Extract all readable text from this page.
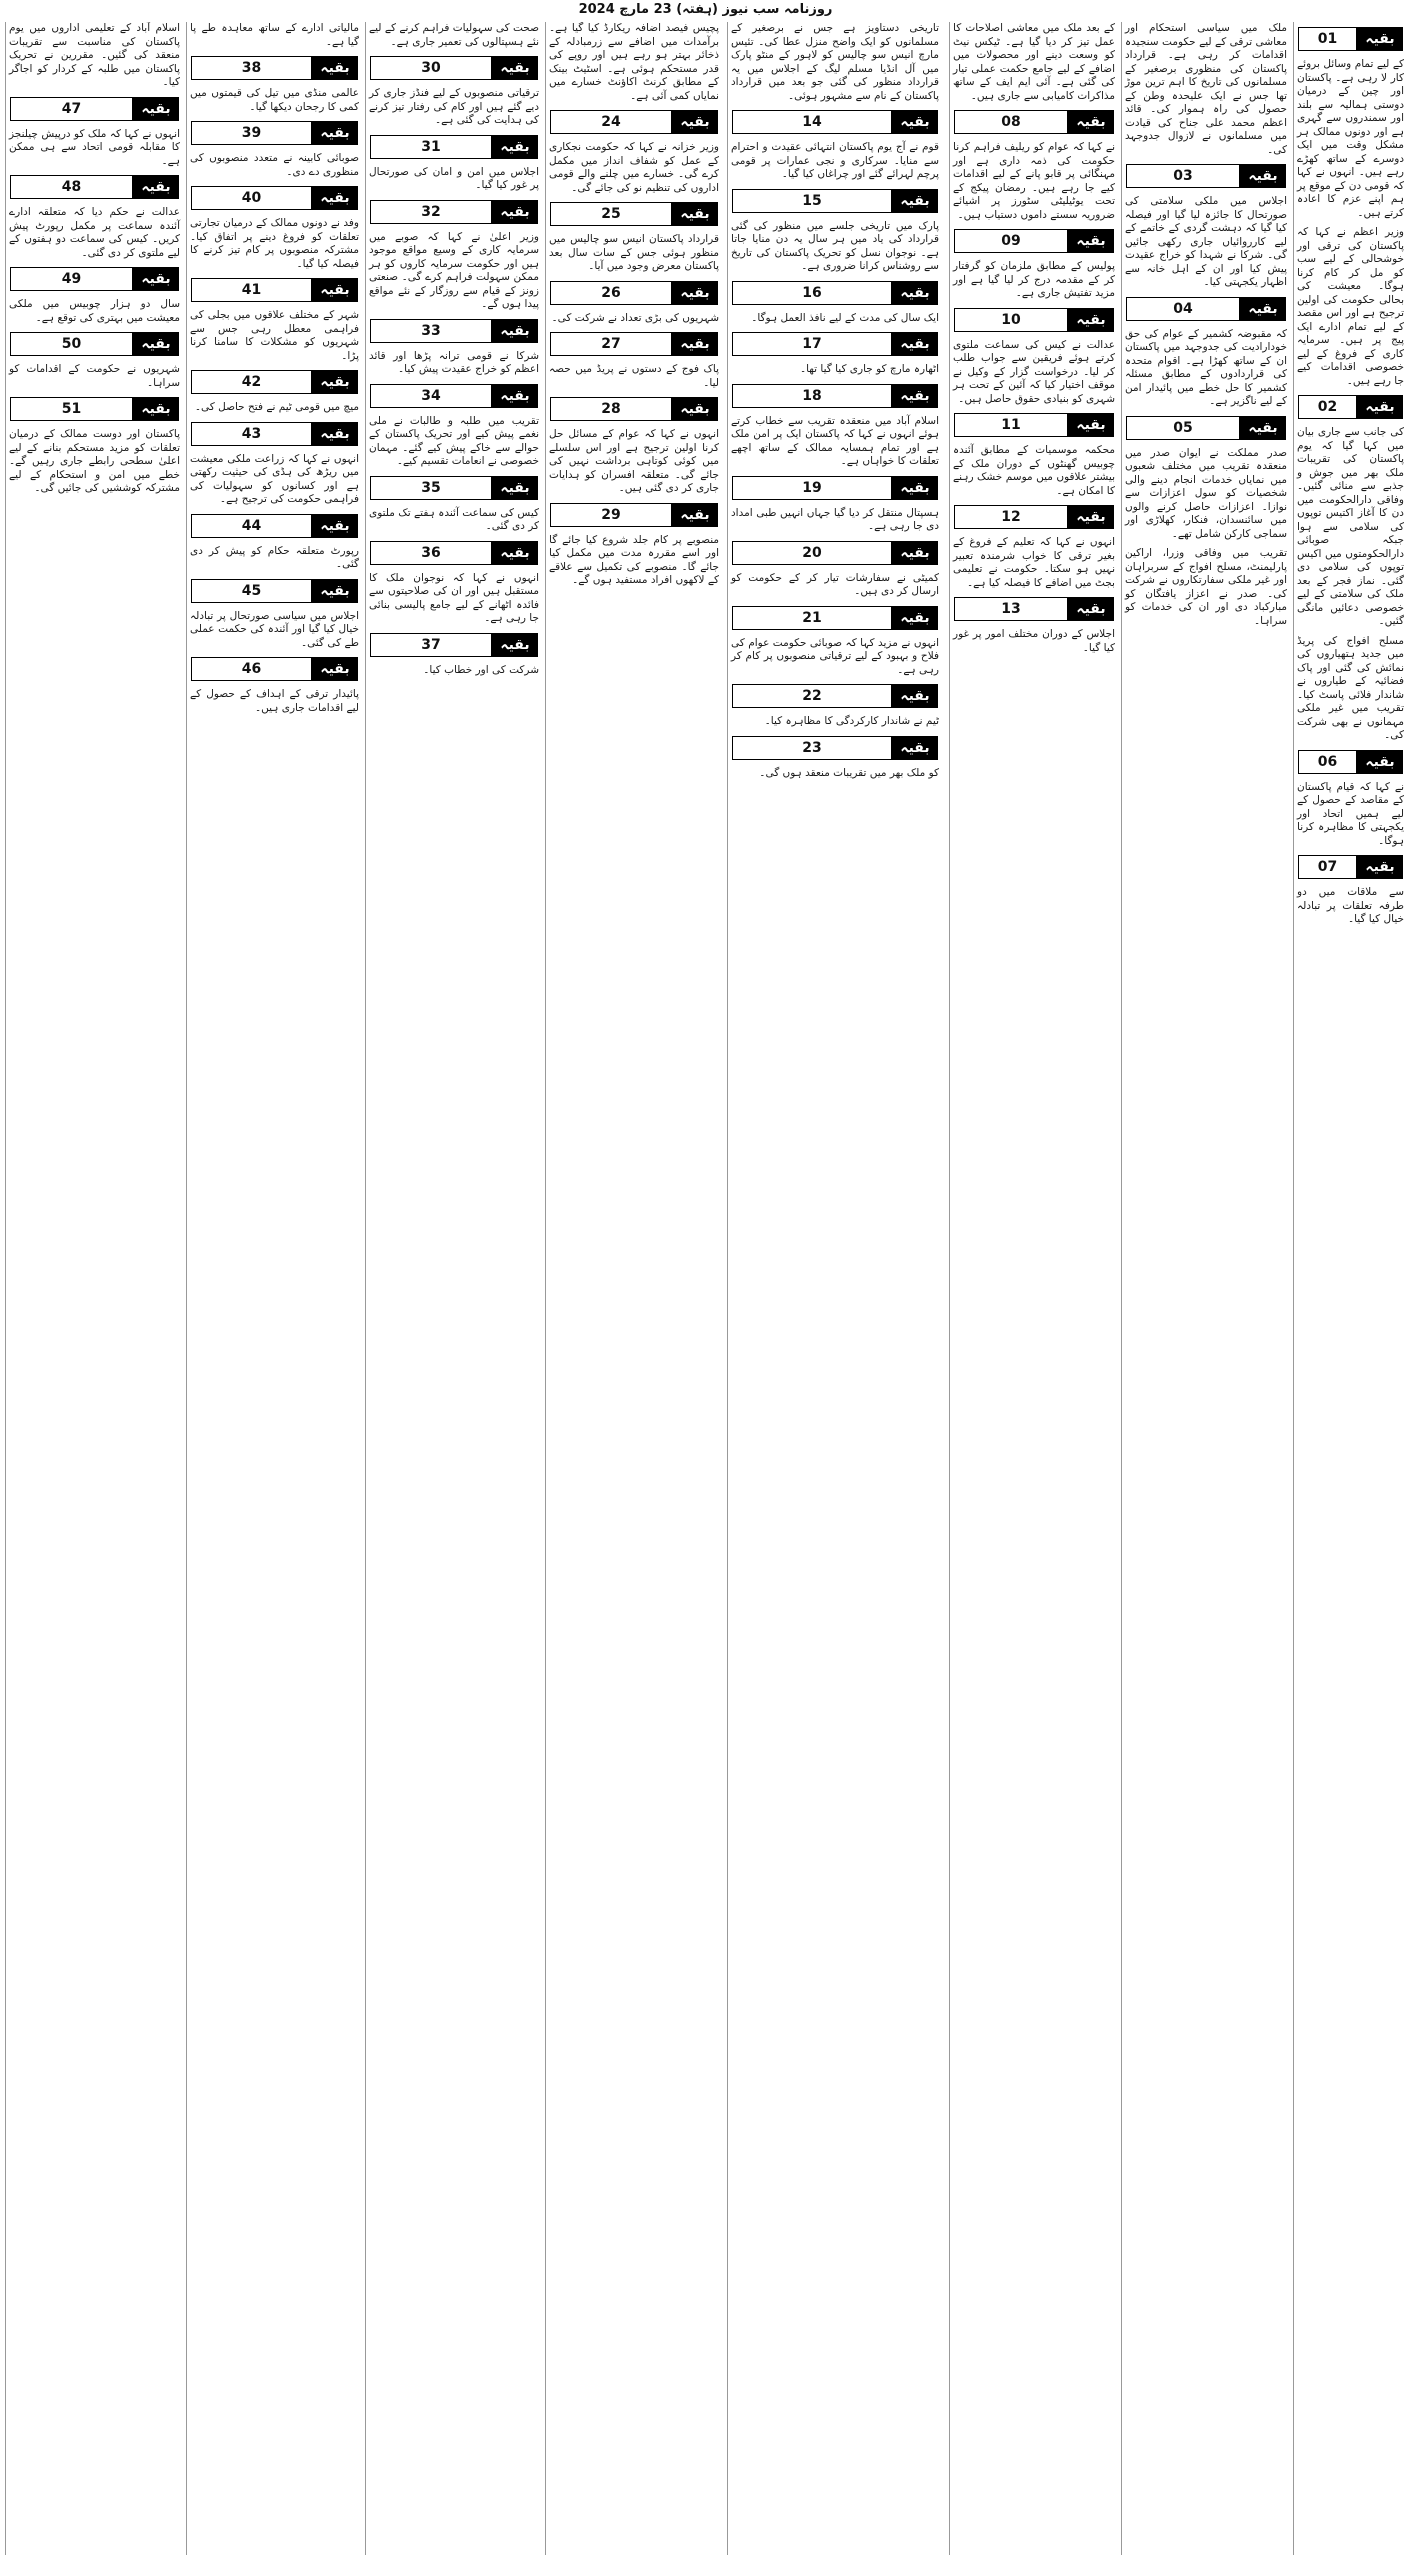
روزنامہ سب نیوز (ہفتہ) 23 مارچ 2024
01	بقیہ

کے لیے تمام وسائل بروئے کار لا رہی ہے۔ پاکستان اور چین کے درمیان دوستی ہمالیہ سے بلند اور سمندروں سے گہری ہے اور دونوں ممالک ہر مشکل وقت میں ایک دوسرے کے ساتھ کھڑے رہے ہیں۔ انہوں نے کہا کہ قومی دن کے موقع پر ہم اپنے عزم کا اعادہ کرتے ہیں۔

وزیر اعظم نے کہا کہ پاکستان کی ترقی اور خوشحالی کے لیے سب کو مل کر کام کرنا ہوگا۔ معیشت کی بحالی حکومت کی اولین ترجیح ہے اور اس مقصد کے لیے تمام ادارے ایک پیج پر ہیں۔ سرمایہ کاری کے فروغ کے لیے خصوصی اقدامات کیے جا رہے ہیں۔

02	بقیہ

کی جانب سے جاری بیان میں کہا گیا کہ یوم پاکستان کی تقریبات ملک بھر میں جوش و جذبے سے منائی گئیں۔ وفاقی دارالحکومت میں دن کا آغاز اکتیس توپوں کی سلامی سے ہوا جبکہ صوبائی دارالحکومتوں میں اکیس توپوں کی سلامی دی گئی۔ نماز فجر کے بعد ملک کی سلامتی کے لیے خصوصی دعائیں مانگی گئیں۔

مسلح افواج کی پریڈ میں جدید ہتھیاروں کی نمائش کی گئی اور پاک فضائیہ کے طیاروں نے شاندار فلائی پاسٹ کیا۔ تقریب میں غیر ملکی مہمانوں نے بھی شرکت کی۔

06	بقیہ

نے کہا کہ قیام پاکستان کے مقاصد کے حصول کے لیے ہمیں اتحاد اور یکجہتی کا مظاہرہ کرنا ہوگا۔

07	بقیہ

سے ملاقات میں دو طرفہ تعلقات پر تبادلہ خیال کیا گیا۔

ملک میں سیاسی استحکام اور معاشی ترقی کے لیے حکومت سنجیدہ اقدامات کر رہی ہے۔ قرارداد پاکستان کی منظوری برصغیر کے مسلمانوں کی تاریخ کا اہم ترین موڑ تھا جس نے ایک علیحدہ وطن کے حصول کی راہ ہموار کی۔ قائد اعظم محمد علی جناح کی قیادت میں مسلمانوں نے لازوال جدوجہد کی۔

03	بقیہ

اجلاس میں ملکی سلامتی کی صورتحال کا جائزہ لیا گیا اور فیصلہ کیا گیا کہ دہشت گردی کے خاتمے کے لیے کارروائیاں جاری رکھی جائیں گی۔ شرکا نے شہدا کو خراج عقیدت پیش کیا اور ان کے اہل خانہ سے اظہار یکجہتی کیا۔

04	بقیہ

کہ مقبوضہ کشمیر کے عوام کی حق خودارادیت کی جدوجہد میں پاکستان ان کے ساتھ کھڑا ہے۔ اقوام متحدہ کی قراردادوں کے مطابق مسئلہ کشمیر کا حل خطے میں پائیدار امن کے لیے ناگزیر ہے۔

05	بقیہ

صدر مملکت نے ایوان صدر میں منعقدہ تقریب میں مختلف شعبوں میں نمایاں خدمات انجام دینے والی شخصیات کو سول اعزازات سے نوازا۔ اعزازات حاصل کرنے والوں میں سائنسدان، فنکار، کھلاڑی اور سماجی کارکن شامل تھے۔

تقریب میں وفاقی وزرا، اراکین پارلیمنٹ، مسلح افواج کے سربراہان اور غیر ملکی سفارتکاروں نے شرکت کی۔ صدر نے اعزاز یافتگان کو مبارکباد دی اور ان کی خدمات کو سراہا۔

کے بعد ملک میں معاشی اصلاحات کا عمل تیز کر دیا گیا ہے۔ ٹیکس نیٹ کو وسعت دینے اور محصولات میں اضافے کے لیے جامع حکمت عملی تیار کی گئی ہے۔ آئی ایم ایف کے ساتھ مذاکرات کامیابی سے جاری ہیں۔

08	بقیہ

نے کہا کہ عوام کو ریلیف فراہم کرنا حکومت کی ذمہ داری ہے اور مہنگائی پر قابو پانے کے لیے اقدامات کیے جا رہے ہیں۔ رمضان پیکج کے تحت یوٹیلیٹی سٹورز پر اشیائے ضروریہ سستے داموں دستیاب ہیں۔

09	بقیہ

پولیس کے مطابق ملزمان کو گرفتار کر کے مقدمہ درج کر لیا گیا ہے اور مزید تفتیش جاری ہے۔

10	بقیہ

عدالت نے کیس کی سماعت ملتوی کرتے ہوئے فریقین سے جواب طلب کر لیا۔ درخواست گزار کے وکیل نے موقف اختیار کیا کہ آئین کے تحت ہر شہری کو بنیادی حقوق حاصل ہیں۔

11	بقیہ

محکمہ موسمیات کے مطابق آئندہ چوبیس گھنٹوں کے دوران ملک کے بیشتر علاقوں میں موسم خشک رہنے کا امکان ہے۔

12	بقیہ

انہوں نے کہا کہ تعلیم کے فروغ کے بغیر ترقی کا خواب شرمندہ تعبیر نہیں ہو سکتا۔ حکومت نے تعلیمی بجٹ میں اضافے کا فیصلہ کیا ہے۔

13	بقیہ

اجلاس کے دوران مختلف امور پر غور کیا گیا۔

تاریخی دستاویز ہے جس نے برصغیر کے مسلمانوں کو ایک واضح منزل عطا کی۔ تئیس مارچ انیس سو چالیس کو لاہور کے منٹو پارک میں آل انڈیا مسلم لیگ کے اجلاس میں یہ قرارداد منظور کی گئی جو بعد میں قرارداد پاکستان کے نام سے مشہور ہوئی۔

14	بقیہ

قوم نے آج یوم پاکستان انتہائی عقیدت و احترام سے منایا۔ سرکاری و نجی عمارات پر قومی پرچم لہرائے گئے اور چراغاں کیا گیا۔

15	بقیہ

پارک میں تاریخی جلسے میں منظور کی گئی قرارداد کی یاد میں ہر سال یہ دن منایا جاتا ہے۔ نوجوان نسل کو تحریک پاکستان کی تاریخ سے روشناس کرانا ضروری ہے۔

16	بقیہ

ایک سال کی مدت کے لیے نافذ العمل ہوگا۔

17	بقیہ

اٹھارہ مارچ کو جاری کیا گیا تھا۔

18	بقیہ

اسلام آباد میں منعقدہ تقریب سے خطاب کرتے ہوئے انہوں نے کہا کہ پاکستان ایک پر امن ملک ہے اور تمام ہمسایہ ممالک کے ساتھ اچھے تعلقات کا خواہاں ہے۔

19	بقیہ

ہسپتال منتقل کر دیا گیا جہاں انہیں طبی امداد دی جا رہی ہے۔

20	بقیہ

کمیٹی نے سفارشات تیار کر کے حکومت کو ارسال کر دی ہیں۔

21	بقیہ

انہوں نے مزید کہا کہ صوبائی حکومت عوام کی فلاح و بہبود کے لیے ترقیاتی منصوبوں پر کام کر رہی ہے۔

22	بقیہ

ٹیم نے شاندار کارکردگی کا مظاہرہ کیا۔

23	بقیہ

کو ملک بھر میں تقریبات منعقد ہوں گی۔

پچیس فیصد اضافہ ریکارڈ کیا گیا ہے۔ برآمدات میں اضافے سے زرمبادلہ کے ذخائر بہتر ہو رہے ہیں اور روپے کی قدر مستحکم ہوئی ہے۔ اسٹیٹ بینک کے مطابق کرنٹ اکاؤنٹ خسارے میں نمایاں کمی آئی ہے۔

24	بقیہ

وزیر خزانہ نے کہا کہ حکومت نجکاری کے عمل کو شفاف انداز میں مکمل کرے گی۔ خسارے میں چلنے والے قومی اداروں کی تنظیم نو کی جائے گی۔

25	بقیہ

قرارداد پاکستان انیس سو چالیس میں منظور ہوئی جس کے سات سال بعد پاکستان معرض وجود میں آیا۔

26	بقیہ

شہریوں کی بڑی تعداد نے شرکت کی۔

27	بقیہ

پاک فوج کے دستوں نے پریڈ میں حصہ لیا۔

28	بقیہ

انہوں نے کہا کہ عوام کے مسائل حل کرنا اولین ترجیح ہے اور اس سلسلے میں کوئی کوتاہی برداشت نہیں کی جائے گی۔ متعلقہ افسران کو ہدایات جاری کر دی گئی ہیں۔

29	بقیہ

منصوبے پر کام جلد شروع کیا جائے گا اور اسے مقررہ مدت میں مکمل کیا جائے گا۔ منصوبے کی تکمیل سے علاقے کے لاکھوں افراد مستفید ہوں گے۔

صحت کی سہولیات فراہم کرنے کے لیے نئے ہسپتالوں کی تعمیر جاری ہے۔

30	بقیہ

ترقیاتی منصوبوں کے لیے فنڈز جاری کر دیے گئے ہیں اور کام کی رفتار تیز کرنے کی ہدایت کی گئی ہے۔

31	بقیہ

اجلاس میں امن و امان کی صورتحال پر غور کیا گیا۔

32	بقیہ

وزیر اعلیٰ نے کہا کہ صوبے میں سرمایہ کاری کے وسیع مواقع موجود ہیں اور حکومت سرمایہ کاروں کو ہر ممکن سہولت فراہم کرے گی۔ صنعتی زونز کے قیام سے روزگار کے نئے مواقع پیدا ہوں گے۔

33	بقیہ

شرکا نے قومی ترانہ پڑھا اور قائد اعظم کو خراج عقیدت پیش کیا۔

34	بقیہ

تقریب میں طلبہ و طالبات نے ملی نغمے پیش کیے اور تحریک پاکستان کے حوالے سے خاکے پیش کیے گئے۔ مہمان خصوصی نے انعامات تقسیم کیے۔

35	بقیہ

کیس کی سماعت آئندہ ہفتے تک ملتوی کر دی گئی۔

36	بقیہ

انہوں نے کہا کہ نوجوان ملک کا مستقبل ہیں اور ان کی صلاحیتوں سے فائدہ اٹھانے کے لیے جامع پالیسی بنائی جا رہی ہے۔

37	بقیہ

شرکت کی اور خطاب کیا۔

مالیاتی ادارے کے ساتھ معاہدہ طے پا گیا ہے۔

38	بقیہ

عالمی منڈی میں تیل کی قیمتوں میں کمی کا رجحان دیکھا گیا۔

39	بقیہ

صوبائی کابینہ نے متعدد منصوبوں کی منظوری دے دی۔

40	بقیہ

وفد نے دونوں ممالک کے درمیان تجارتی تعلقات کو فروغ دینے پر اتفاق کیا۔ مشترکہ منصوبوں پر کام تیز کرنے کا فیصلہ کیا گیا۔

41	بقیہ

شہر کے مختلف علاقوں میں بجلی کی فراہمی معطل رہی جس سے شہریوں کو مشکلات کا سامنا کرنا پڑا۔

42	بقیہ

میچ میں قومی ٹیم نے فتح حاصل کی۔

43	بقیہ

انہوں نے کہا کہ زراعت ملکی معیشت میں ریڑھ کی ہڈی کی حیثیت رکھتی ہے اور کسانوں کو سہولیات کی فراہمی حکومت کی ترجیح ہے۔

44	بقیہ

رپورٹ متعلقہ حکام کو پیش کر دی گئی۔

45	بقیہ

اجلاس میں سیاسی صورتحال پر تبادلہ خیال کیا گیا اور آئندہ کی حکمت عملی طے کی گئی۔

46	بقیہ

پائیدار ترقی کے اہداف کے حصول کے لیے اقدامات جاری ہیں۔

اسلام آباد کے تعلیمی اداروں میں یوم پاکستان کی مناسبت سے تقریبات منعقد کی گئیں۔ مقررین نے تحریک پاکستان میں طلبہ کے کردار کو اجاگر کیا۔

47	بقیہ

انہوں نے کہا کہ ملک کو درپیش چیلنجز کا مقابلہ قومی اتحاد سے ہی ممکن ہے۔

48	بقیہ

عدالت نے حکم دیا کہ متعلقہ ادارے آئندہ سماعت پر مکمل رپورٹ پیش کریں۔ کیس کی سماعت دو ہفتوں کے لیے ملتوی کر دی گئی۔

49	بقیہ

سال دو ہزار چوبیس میں ملکی معیشت میں بہتری کی توقع ہے۔

50	بقیہ

شہریوں نے حکومت کے اقدامات کو سراہا۔

51	بقیہ

پاکستان اور دوست ممالک کے درمیان تعلقات کو مزید مستحکم بنانے کے لیے اعلیٰ سطحی رابطے جاری رہیں گے۔ خطے میں امن و استحکام کے لیے مشترکہ کوششیں کی جائیں گی۔
